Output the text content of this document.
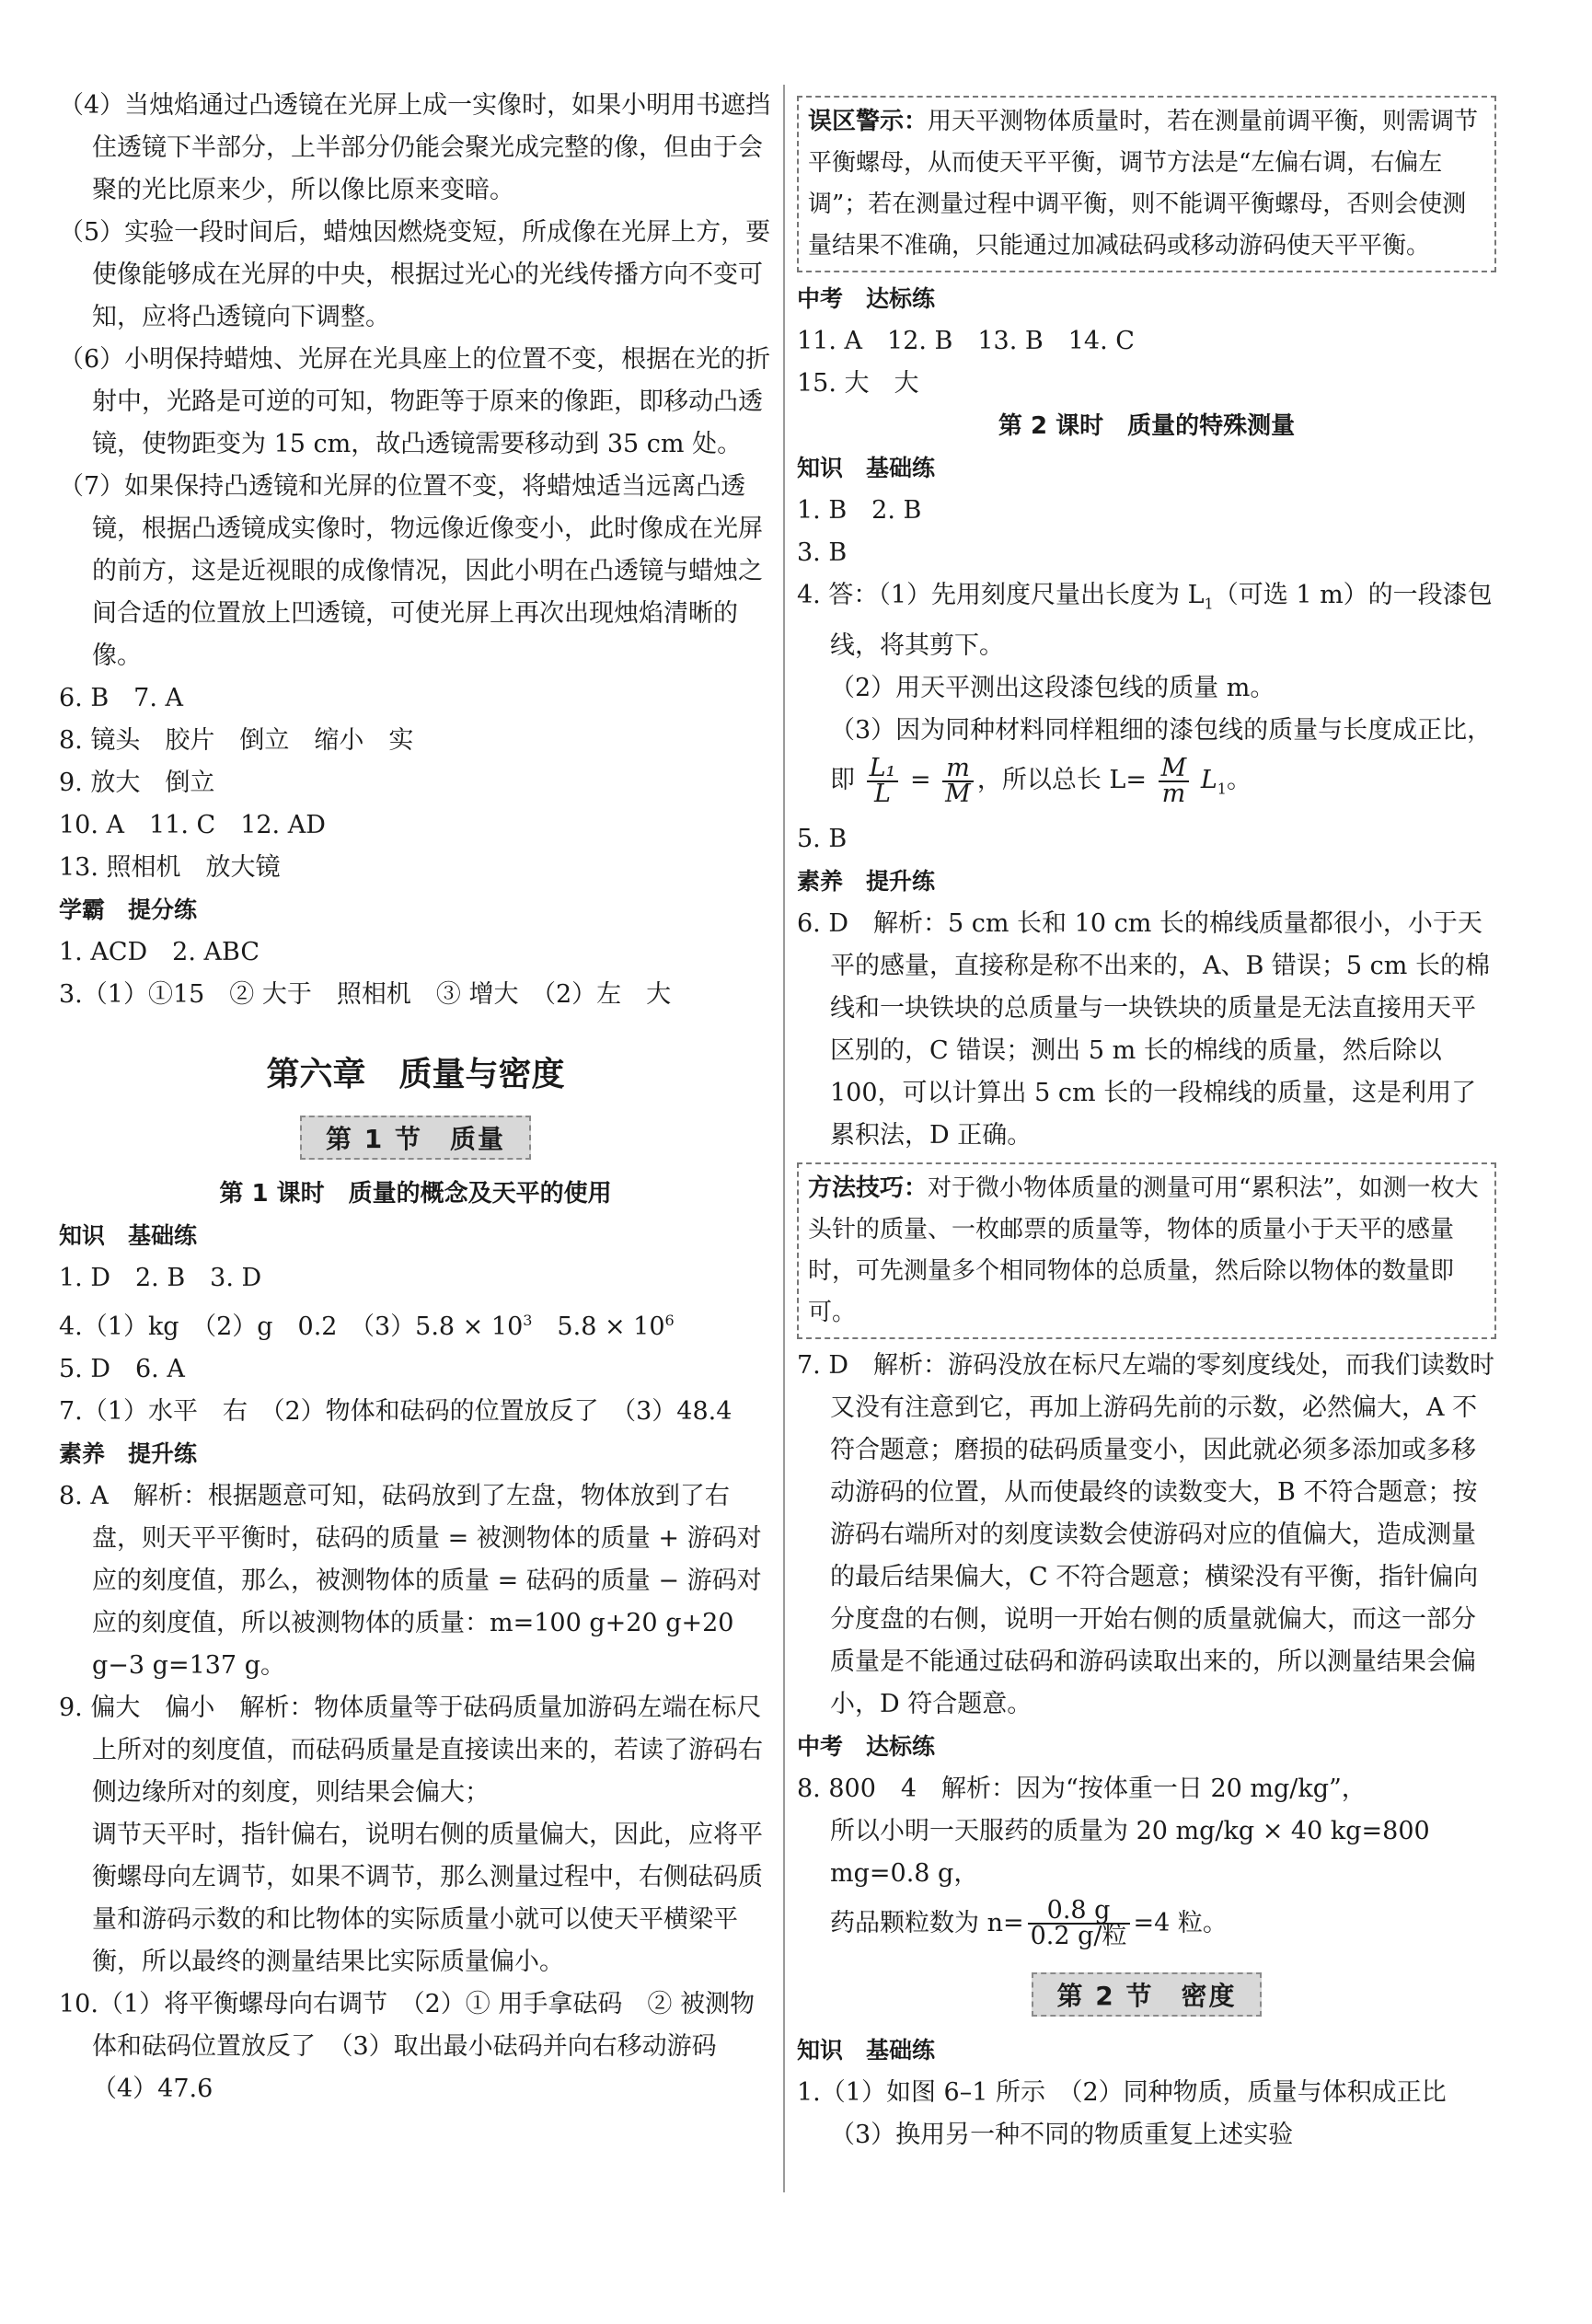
（4）当烛焰通过凸透镜在光屏上成一实像时，如果小明用书遮挡住透镜下半部分，上半部分仍能会聚光成完整的像，但由于会聚的光比原来少，所以像比原来变暗。

（5）实验一段时间后，蜡烛因燃烧变短，所成像在光屏上方，要使像能够成在光屏的中央，根据过光心的光线传播方向不变可知，应将凸透镜向下调整。

（6）小明保持蜡烛、光屏在光具座上的位置不变，根据在光的折射中，光路是可逆的可知，物距等于原来的像距，即移动凸透镜，使物距变为 15 cm，故凸透镜需要移动到 35 cm 处。

（7）如果保持凸透镜和光屏的位置不变，将蜡烛适当远离凸透镜，根据凸透镜成实像时，物远像近像变小，此时像成在光屏的前方，这是近视眼的成像情况，因此小明在凸透镜与蜡烛之间合适的位置放上凹透镜，可使光屏上再次出现烛焰清晰的像。

6. B　7. A

8. 镜头　胶片　倒立　缩小　实

9. 放大　倒立

10. A　11. C　12. AD

13. 照相机　放大镜

学霸　提分练

1. ACD　2. ABC

3.（1）①15　② 大于　照相机　③ 增大　（2）左　大

第六章　质量与密度
第 1 节　质量

第 1 课时　质量的概念及天平的使用

知识　基础练

1. D　2. B　3. D

4.（1）kg　（2）g　0.2　$(3)5.8 \times 10^3$　$5.8 \times 10^6$

5. D　6. A

7.（1）水平　右　（2）物体和砝码的位置放反了　（3）48.4

素养　提升练

8. A　解析：根据题意可知，砝码放到了左盘，物体放到了右盘，则天平平衡时，砝码的质量 = 被测物体的质量 + 游码对应的刻度值，那么，被测物体的质量 = 砝码的质量 − 游码对应的刻度值，所以被测物体的质量：m=100 g+20 g+20 g−3 g=137 g。

9. 偏大　偏小　解析：物体质量等于砝码质量加游码左端在标尺上所对的刻度值，而砝码质量是直接读出来的，若读了游码右侧边缘所对的刻度，则结果会偏大；

调节天平时，指针偏右，说明右侧的质量偏大，因此，应将平衡螺母向左调节，如果不调节，那么测量过程中，右侧砝码质量和游码示数的和比物体的实际质量小就可以使天平横梁平衡，所以最终的测量结果比实际质量偏小。

10.（1）将平衡螺母向右调节　（2）① 用手拿砝码　② 被测物体和砝码位置放反了　（3）取出最小砝码并向右移动游码　（4）47.6

误区警示：用天平测物体质量时，若在测量前调平衡，则需调节平衡螺母，从而使天平平衡，调节方法是“左偏右调，右偏左调”；若在测量过程中调平衡，则不能调平衡螺母，否则会使测量结果不准确，只能通过加减砝码或移动游码使天平平衡。

中考　达标练

11. A　12. B　13. B　14. C

15. 大　大

第 2 课时　质量的特殊测量

知识　基础练

1. B　2. B

3. B

4. 答：（1）先用刻度尺量出长度为 $L_1$（可选 1 m）的一段漆包线，将其剪下。

（2）用天平测出这段漆包线的质量 m。

（3）因为同种材料同样粗细的漆包线的质量与长度成正比，

即 $\frac{\text{L₁}}{L} = \frac{m}{M}$ ，所以总长 $L= \frac{M}{m} L_1$。

5. B

素养　提升练

6. D　解析：5 cm 长和 10 cm 长的棉线质量都很小，小于天平的感量，直接称是称不出来的，A、B 错误；5 cm 长的棉线和一块铁块的总质量与一块铁块的质量是无法直接用天平区别的，C 错误；测出 5 m 长的棉线的质量，然后除以 100，可以计算出 5 cm 长的一段棉线的质量，这是利用了累积法，D 正确。

方法技巧：对于微小物体质量的测量可用“累积法”，如测一枚大头针的质量、一枚邮票的质量等，物体的质量小于天平的感量时，可先测量多个相同物体的总质量，然后除以物体的数量即可。

7. D　解析：游码没放在标尺左端的零刻度线处，而我们读数时又没有注意到它，再加上游码先前的示数，必然偏大，A 不符合题意；磨损的砝码质量变小，因此就必须多添加或多移动游码的位置，从而使最终的读数变大，B 不符合题意；按游码右端所对的刻度读数会使游码对应的值偏大，造成测量的最后结果偏大，C 不符合题意；横梁没有平衡，指针偏向分度盘的右侧，说明一开始右侧的质量就偏大，而这一部分质量是不能通过砝码和游码读取出来的，所以测量结果会偏小，D 符合题意。

中考　达标练

8. 800　4　解析：因为“按体重一日 20 mg/kg”，

所以小明一天服药的质量为 20 mg/kg × 40 kg=800 mg=0.8 g，

药品颗粒数为 $n= \frac{0.8 g}{\text{0.2 g/粒}} =4$ 粒。

第 2 节　密度

知识　基础练

1.（1）如图 6–1 所示　（2）同种物质，质量与体积成正比

（3）换用另一种不同的物质重复上述实验
